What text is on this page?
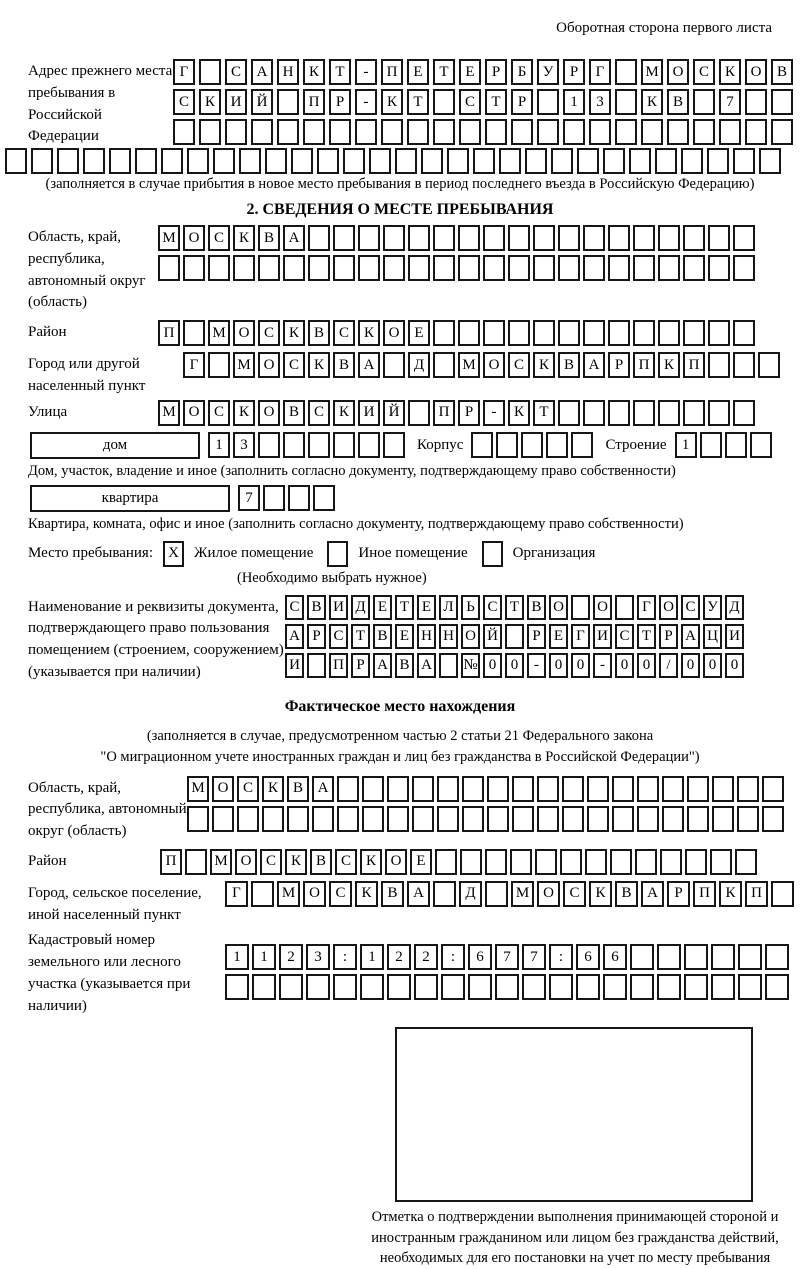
Оборотная сторона первого листа
Адрес прежнего места пребывания в Российской Федерации
Г	С	А	Н	К	Т	-	П	Е	Т	Е	Р	Б	У	Р	Г	М О	С	К	О	В
С	К	И	Й	П	Р	-	К	Т	С	Т	Р	1	3	К	В	7
(заполняется в случае прибытия в новое место пребывания в период последнего въезда в Российскую Федерацию)
2. СВЕДЕНИЯ О МЕСТЕ ПРЕБЫВАНИЯ
Область, край, республика, автономный округ (область)
М О С К В А
Район	П	М О С К В С К О Е
Город или другой населенный пункт
Г	М О С К В А	Д	М О С К В А	Р	П К П
Улица	М О С К О В С К И Й	П	Р	-	К	Т
дом	1	3	Корпус	Строение	1
Дом, участок, владение и иное (заполнить согласно документу, подтверждающему право собственности)
квартира	7
Квартира, комната, офис и иное (заполнить согласно документу, подтверждающему право собственности)
Место пребывания:	X	Жилое помещение	Иное помещение	Организация
(Необходимо выбрать нужное)
Наименование и реквизиты документа, подтверждающего право пользования помещением (строением, сооружением) (указывается при наличии)
С В И Д Е Т Е Л Ь С Т В О О	Г О С У Д
А Р С Т В Е Н Н О Й	Р Е Г И С Т Р А Ц И
И П Р А В А № 0 0	-	0 0	-	0 0	/	0 0 0
Фактическое место нахождения
(заполняется в случае, предусмотренном частью 2 статьи 21 Федерального закона
"О миграционном учете иностранных граждан и лиц без гражданства в Российской Федерации")
Область, край, республика, автономный округ (область)
М О С К В А
Район	П	М О С К В С К О Е
Город, сельское поселение, иной населенный пункт
Г	М О	С	К	В	А	Д	М О	С	К	В	А	Р	П	К	П
Кадастровый номер земельного или лесного участка (указывается при наличии)
1	1	2	3	:	1	2	2	:	6	7	7	:	6	6
Отметка о подтверждении выполнения принимающей стороной и иностранным гражданином или лицом без гражданства действий, необходимых для его постановки на учет по месту пребывания
